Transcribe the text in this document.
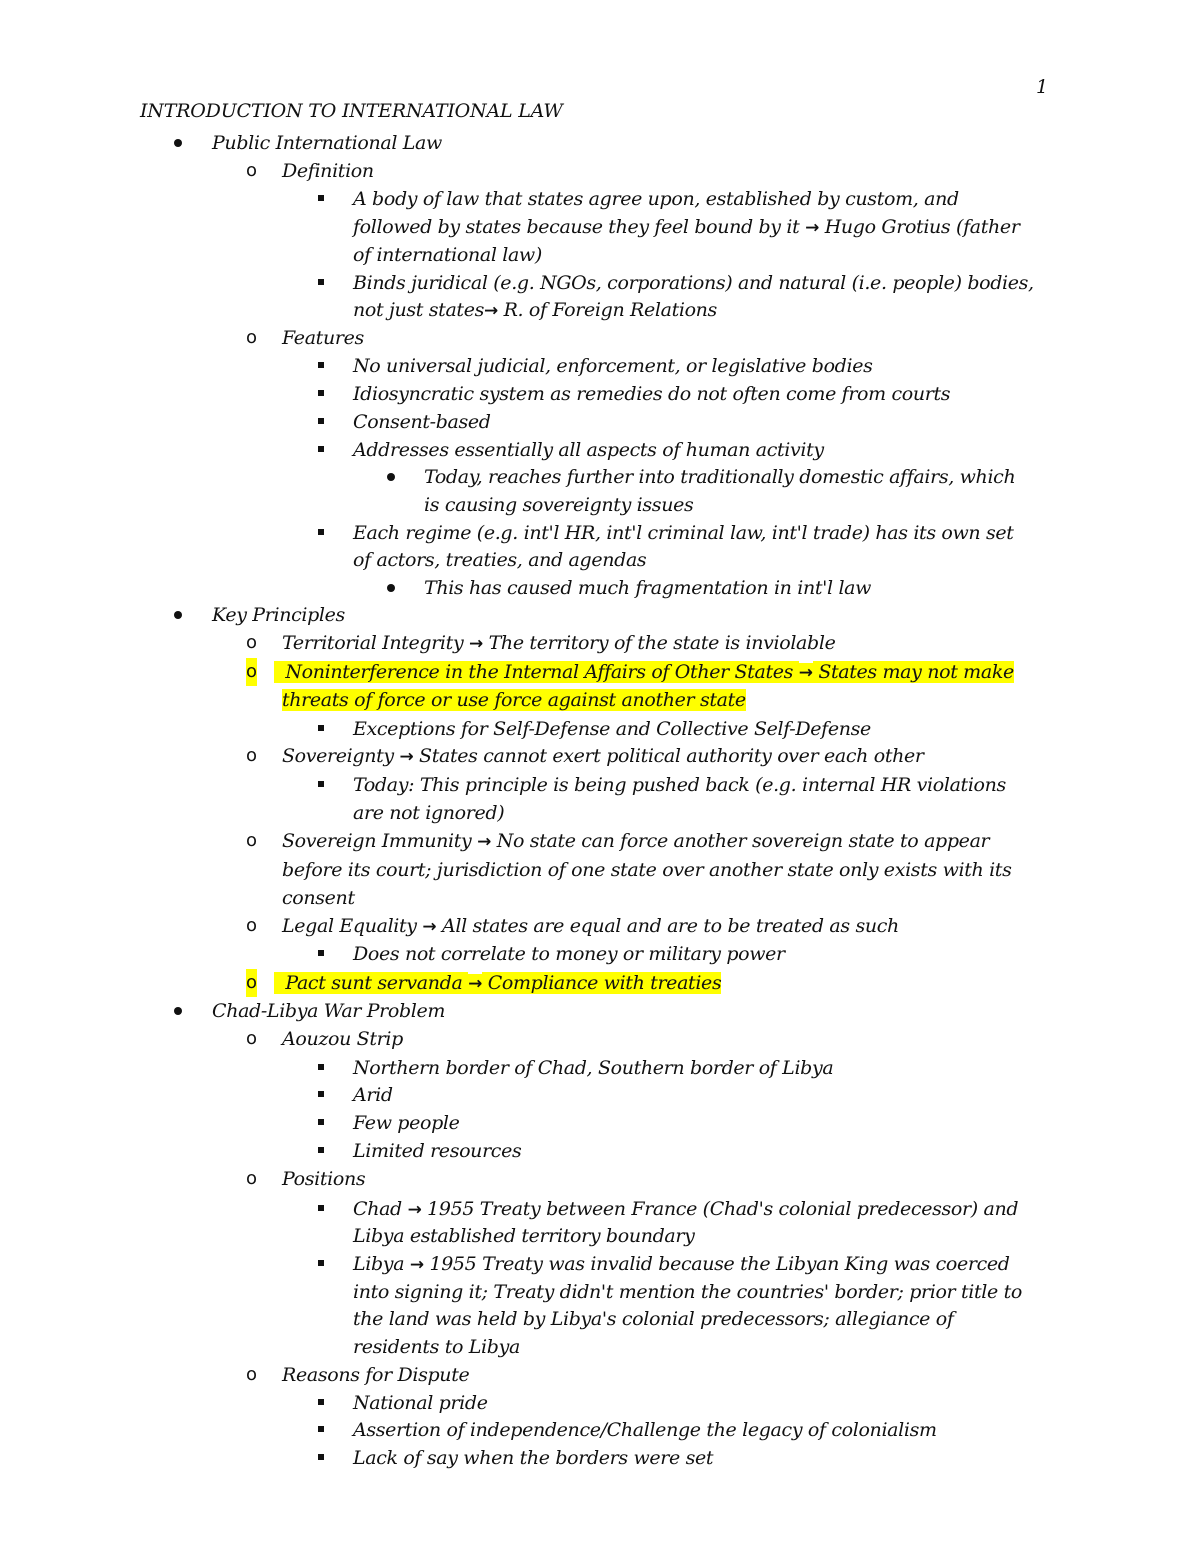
1
INTRODUCTION TO INTERNATIONAL LAW
Public International Law
o Definition
A body of law that states agree upon, established by custom, and
followed by states because they feel bound by it → Hugo Grotius (father
of international law)
Binds juridical (e.g. NGOs, corporations) and natural (i.e. people) bodies,
not just states→ R. of Foreign Relations
o Features
No universal judicial, enforcement, or legislative bodies
Idiosyncratic system as remedies do not often come from courts
Consent-based
Addresses essentially all aspects of human activity
Today, reaches further into traditionally domestic affairs, which
is causing sovereignty issues
Each regime (e.g. int'l HR, int'l criminal law, int'l trade) has its own set
of actors, treaties, and agendas
This has caused much fragmentation in int'l law
Key Principles
o Territorial Integrity → The territory of the state is inviolable
o Noninterference in the Internal Affairs of Other States → States may not make
threats of force or use force against another state
Exceptions for Self-Defense and Collective Self-Defense
o Sovereignty → States cannot exert political authority over each other
Today: This principle is being pushed back (e.g. internal HR violations
are not ignored)
o Sovereign Immunity → No state can force another sovereign state to appear
before its court; jurisdiction of one state over another state only exists with its
consent
o Legal Equality → All states are equal and are to be treated as such
Does not correlate to money or military power
o Pact sunt servanda → Compliance with treaties
Chad-Libya War Problem
o Aouzou Strip
Northern border of Chad, Southern border of Libya
Arid
Few people
Limited resources
o Positions
Chad → 1955 Treaty between France (Chad's colonial predecessor) and
Libya established territory boundary
Libya → 1955 Treaty was invalid because the Libyan King was coerced
into signing it; Treaty didn't mention the countries' border; prior title to
the land was held by Libya's colonial predecessors; allegiance of
residents to Libya
o Reasons for Dispute
National pride
Assertion of independence/Challenge the legacy of colonialism
Lack of say when the borders were set
